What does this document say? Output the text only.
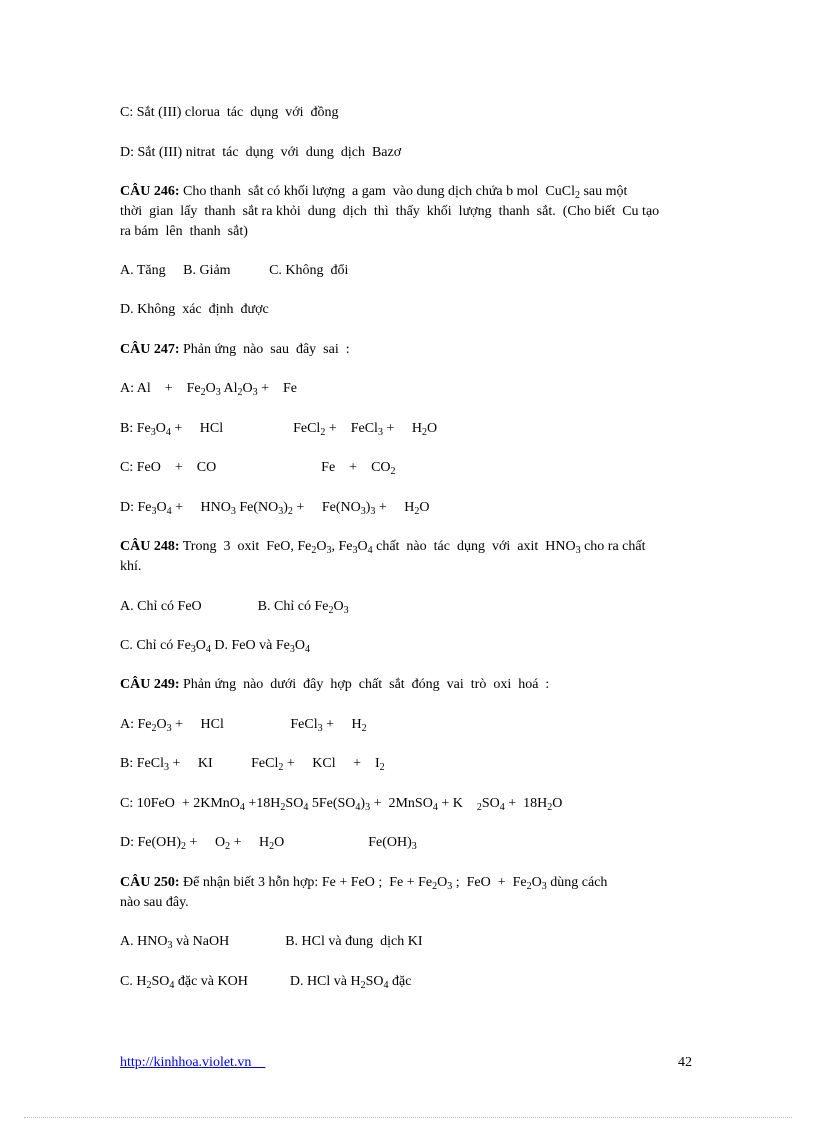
C: Sắt (III) clorua  tác  dụng  với  đồng
D: Sắt (III) nitrat  tác  dụng  với  dung  dịch  Bazơ
CÂU 246: Cho thanh  sắt có khối lượng  a gam  vào dung dịch chứa b mol  CuCl$_2$ sau một
thời  gian  lấy  thanh  sắt ra khỏi  dung  dịch  thì  thấy  khối  lượng  thanh  sắt.  (Cho biết  Cu tạo
ra bám  lên  thanh  sắt)
A. Tăng     B. Giảm           C. Không  đổi
D. Không  xác  định  được
CÂU 247: Phản ứng  nào  sau  đây  sai  :
A: Al    +    $Fe_2O_3$ $Al_2O_3$ +    Fe
B: $Fe_3O_4$ +     HCl                    FeCl$_2$ +    FeCl$_3$ +     $H_2O$
C: FeO    +    CO                              Fe    +    $CO_2$
D: $Fe_3O_4$ +     $HNO_3$ $Fe(NO_3)_2$ +     $Fe(NO_3)_3$ +     $H_2O$
CÂU 248: Trong  3  oxit  FeO, $Fe_2O_3$, $Fe_3O_4$ chất  nào  tác  dụng  với  axit  $HNO_3$ cho ra chất
khí.
A. Chỉ có FeO                B. Chỉ có $Fe_2O_3$
C. Chỉ có $Fe_3O_4$ D. FeO và $Fe_3O_4$
CÂU 249: Phản ứng  nào  dưới  đây  hợp  chất  sắt  đóng  vai  trò  oxi  hoá  :
A: $Fe_2O_3$ +     HCl                   FeCl$_3$ +     $H_2$
B: FeCl$_3$ +     KI           FeCl$_2$ +     KCl     +    $I_2$
C: 10FeO  + 2KMnO$_4$ $+18H_2SO_4$ $5Fe(SO_4)_3$ +  2MnSO$_4$ + K    $_2SO_4 + 18H_2O$
D: $Fe(OH)_2$ +     $O_2$ +     $H_2O$                        $Fe(OH)_3$
CÂU 250: Để nhận biết 3 hỗn hợp: Fe + FeO ;  $Fe + Fe_2O_3$ ;  FeO  +  $Fe_2O_3$ dùng cách
nào sau đây.
A. $HNO_3$ và NaOH                B. HCl và đung  dịch KI
C. $H_2SO_4$ đặc và KOH            D. HCl và $H_2SO_4$ đặc
http://kinhhoa.violet.vn	42
